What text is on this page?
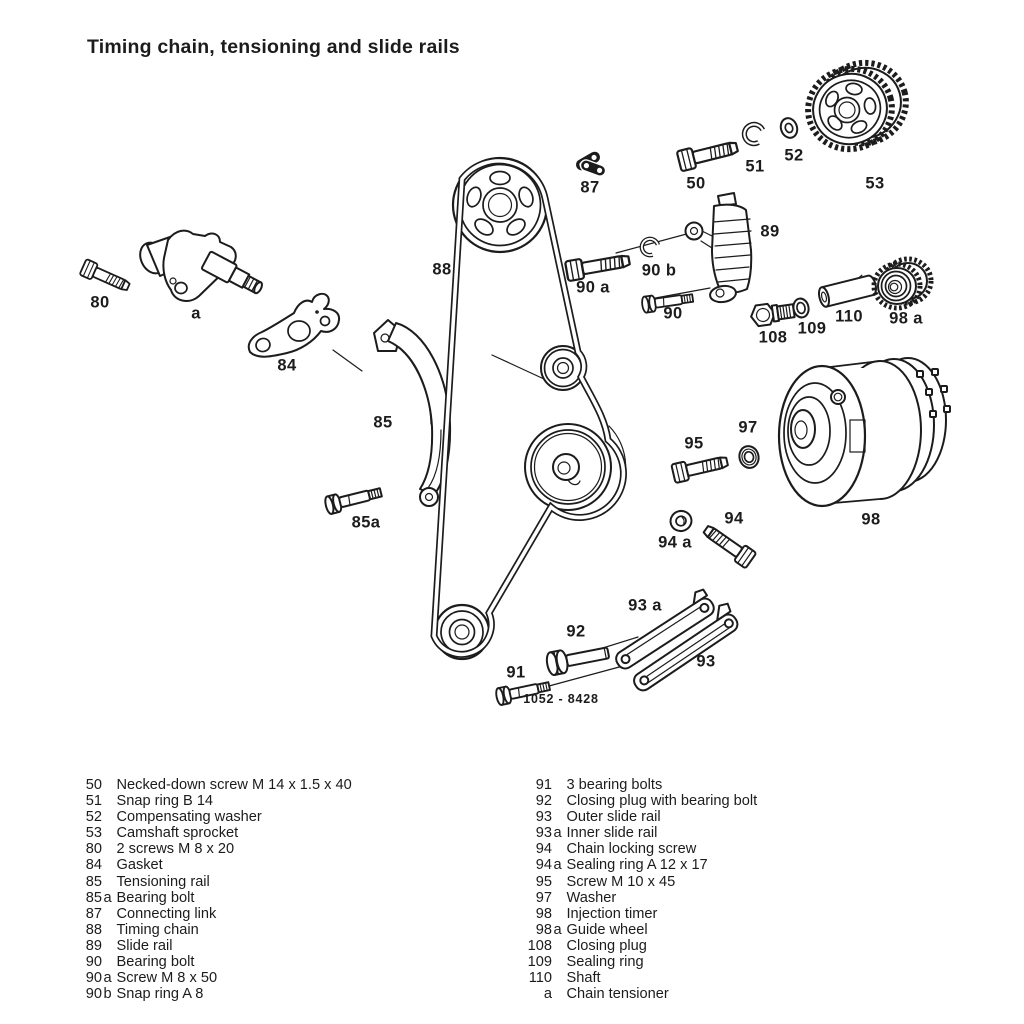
Timing chain, tensioning and slide rails
50
51
52
53
80
a
84
85
85a
87
88
89
90
90 a
90 b
91
92
93
93 a
94
94 a
95
97
98
98 a
108 109
110
1052 - 8428
50 Necked-down screw M 14 x 1.5 x 40
51 Snap ring B 14
52 Compensating washer
53 Camshaft sprocket
80 2 screws M 8 x 20
84 Gasket
85 Tensioning rail
85 a Bearing bolt
87 Connecting link
88 Timing chain
89 Slide rail
90 Bearing bolt
90 a Screw M 8 x 50
90 b Snap ring A 8
91 3 bearing bolts
92 Closing plug with bearing bolt
93 Outer slide rail
93 a Inner slide rail
94 Chain locking screw
94 a Sealing ring A 12 x 17
95 Screw M 10 x 45
97 Washer
98 Injection timer
98 a Guide wheel
108 Closing plug
109 Sealing ring
110 Shaft
a Chain tensioner
